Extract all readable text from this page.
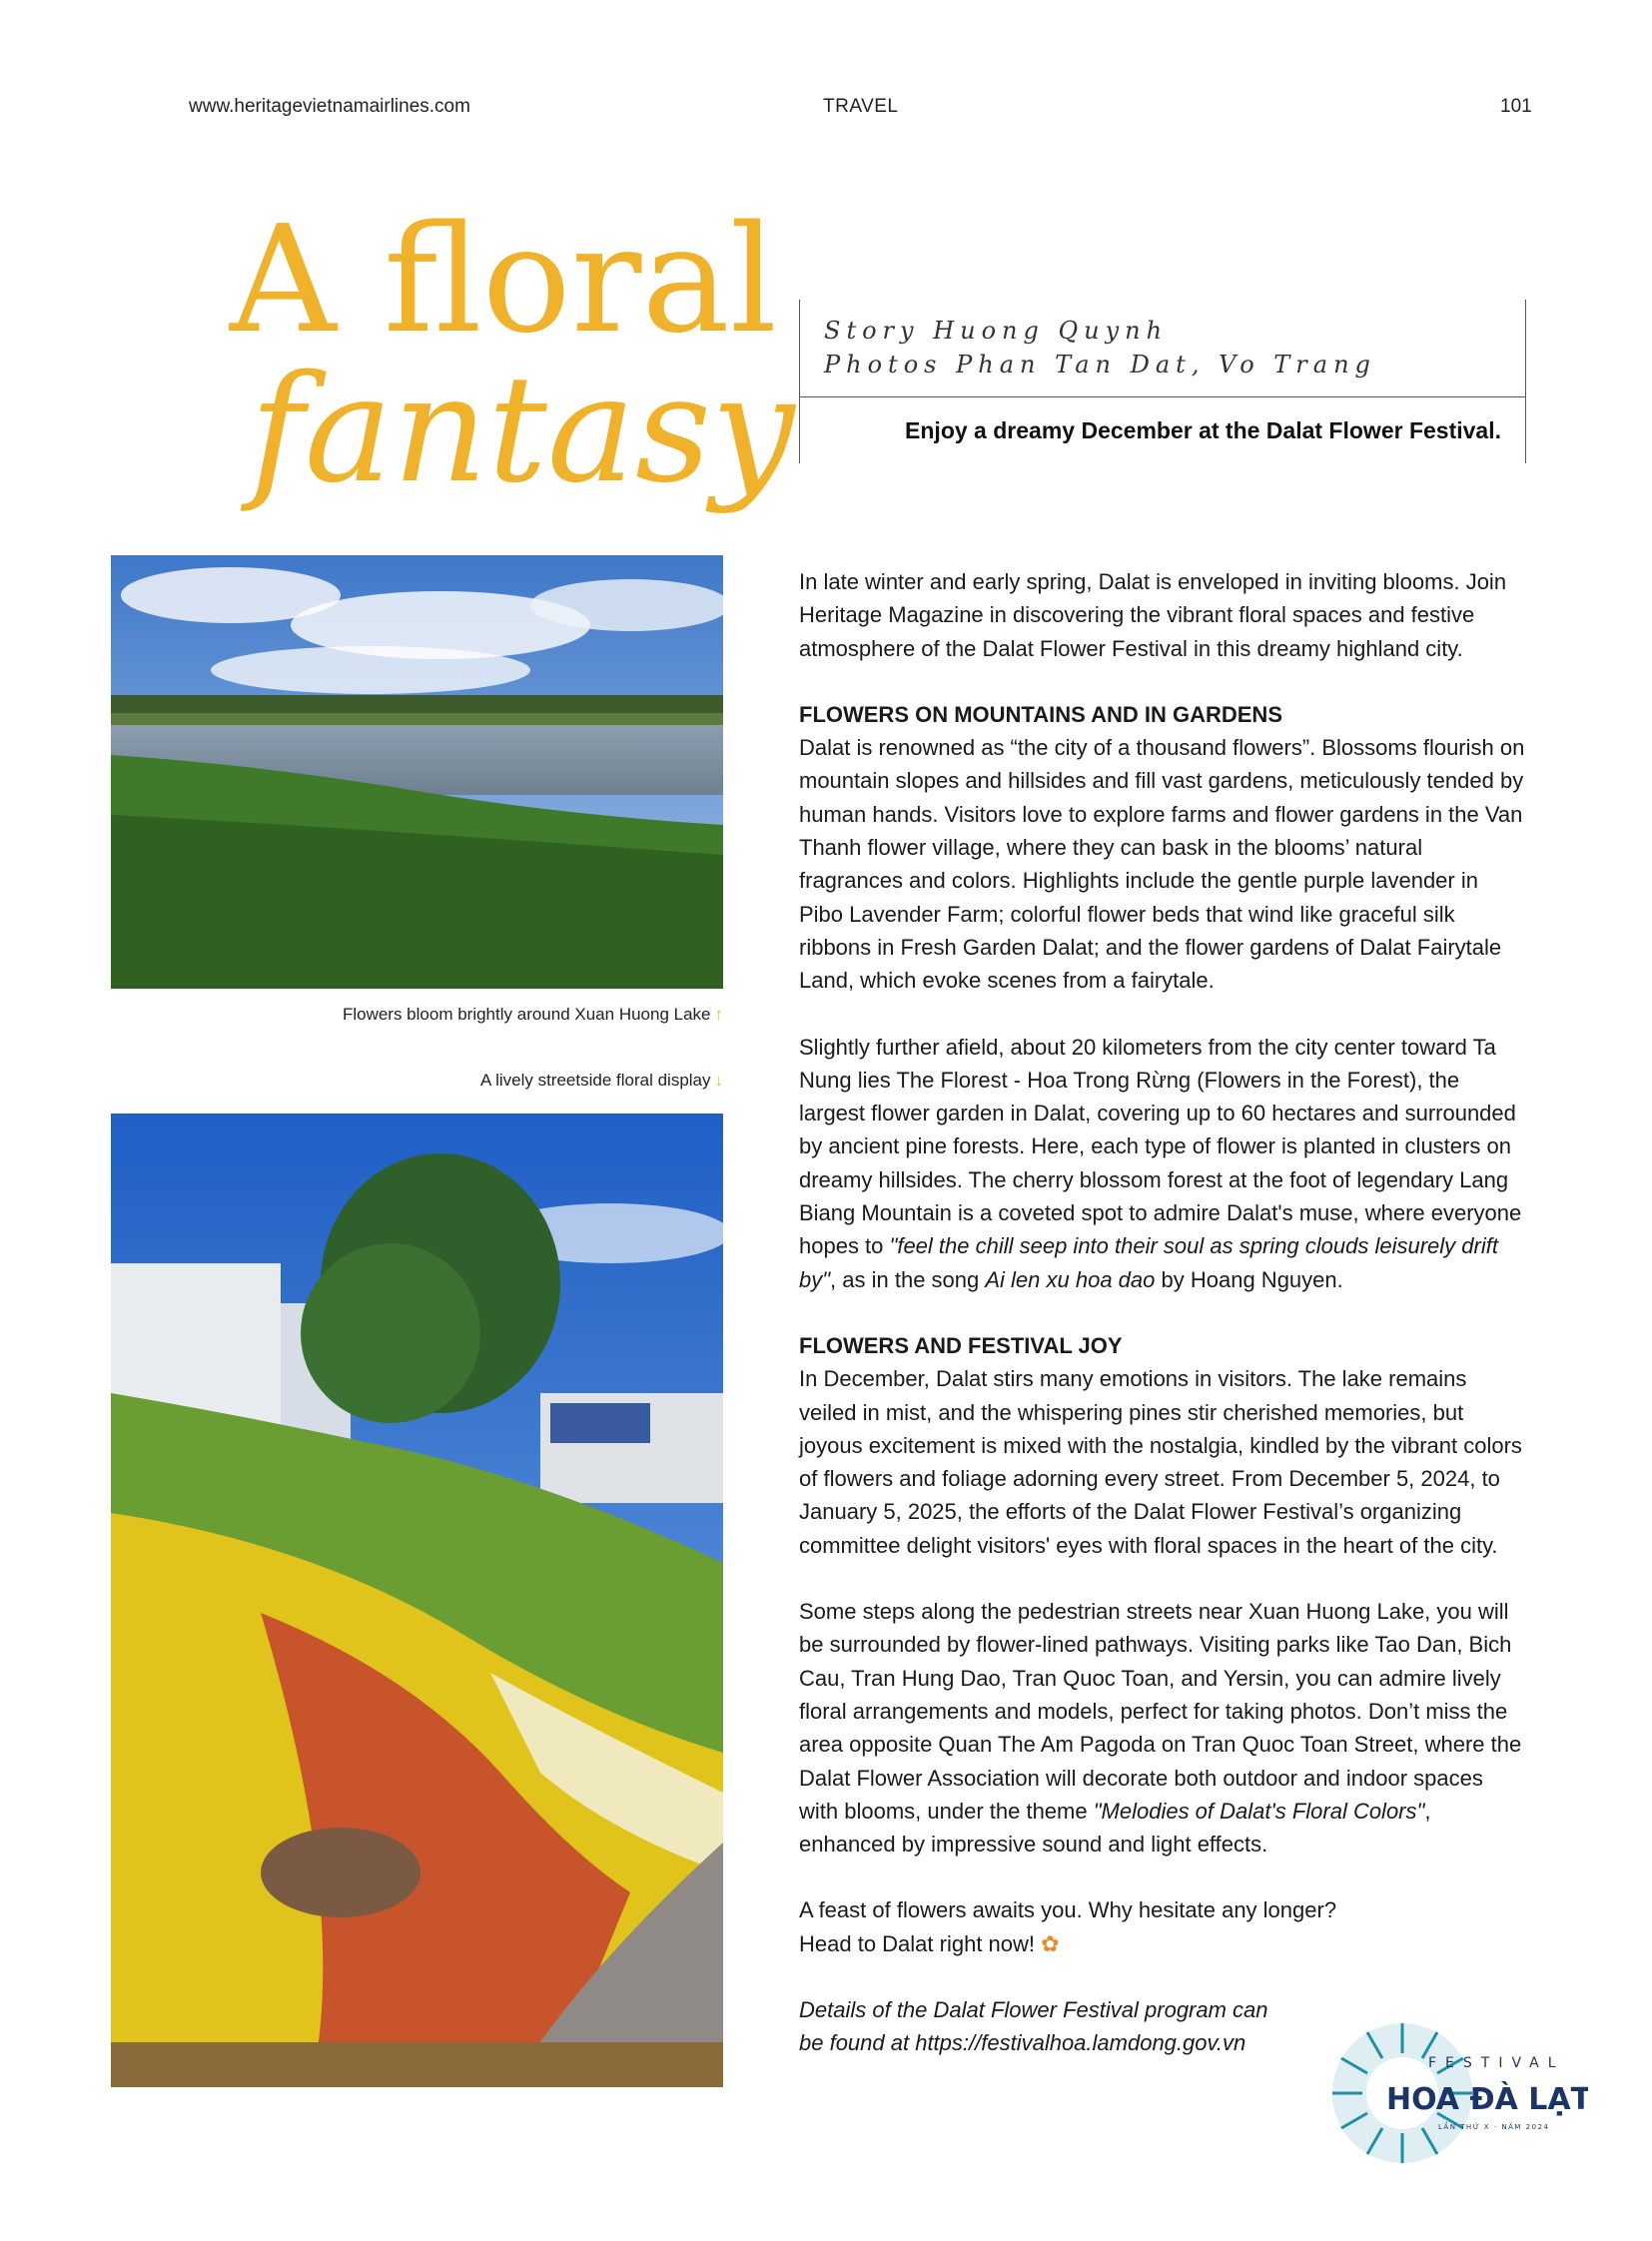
www.heritagevietnamairlines.com	TRAVEL	101
A floral
fantasy
Story Huong Quynh
Photos Phan Tan Dat, Vo Trang
Enjoy a dreamy December at the Dalat Flower Festival.
Flowers bloom brightly around Xuan Huong Lake ↑
A lively streetside floral display ↓

In late winter and early spring, Dalat is enveloped in inviting blooms. Join Heritage Magazine in discovering the vibrant floral spaces and festive atmosphere of the Dalat Flower Festival in this dreamy highland city.

FLOWERS ON MOUNTAINS AND IN GARDENS

Dalat is renowned as “the city of a thousand flowers”. Blossoms flourish on mountain slopes and hillsides and fill vast gardens, meticulously tended by human hands. Visitors love to explore farms and flower gardens in the Van Thanh flower village, where they can bask in the blooms’ natural fragrances and colors. Highlights include the gentle purple lavender in Pibo Lavender Farm; colorful flower beds that wind like graceful silk ribbons in Fresh Garden Dalat; and the flower gardens of Dalat Fairytale Land, which evoke scenes from a fairytale.

Slightly further afield, about 20 kilometers from the city center toward Ta Nung lies The Florest - Hoa Trong Rừng (Flowers in the Forest), the largest flower garden in Dalat, covering up to 60 hectares and surrounded by ancient pine forests. Here, each type of flower is planted in clusters on dreamy hillsides. The cherry blossom forest at the foot of legendary Lang Biang Mountain is a coveted spot to admire Dalat's muse, where everyone hopes to "feel the chill seep into their soul as spring clouds leisurely drift by", as in the song Ai len xu hoa dao by Hoang Nguyen.

FLOWERS AND FESTIVAL JOY

In December, Dalat stirs many emotions in visitors. The lake remains veiled in mist, and the whispering pines stir cherished memories, but joyous excitement is mixed with the nostalgia, kindled by the vibrant colors of flowers and foliage adorning every street. From December 5, 2024, to January 5, 2025, the efforts of the Dalat Flower Festival’s organizing committee delight visitors' eyes with floral spaces in the heart of the city.

Some steps along the pedestrian streets near Xuan Huong Lake, you will be surrounded by flower-lined pathways. Visiting parks like Tao Dan, Bich Cau, Tran Hung Dao, Tran Quoc Toan, and Yersin, you can admire lively floral arrangements and models, perfect for taking photos. Don’t miss the area opposite Quan The Am Pagoda on Tran Quoc Toan Street, where the Dalat Flower Association will decorate both outdoor and indoor spaces with blooms, under the theme "Melodies of Dalat's Floral Colors", enhanced by impressive sound and light effects.

A feast of flowers awaits you. Why hesitate any longer?
Head to Dalat right now! ✿

Details of the Dalat Flower Festival program can be found at https://festivalhoa.lamdong.gov.vn

FESTIVAL
HOA ĐÀ LẠT
LẦN THỨ X · NĂM 2024
